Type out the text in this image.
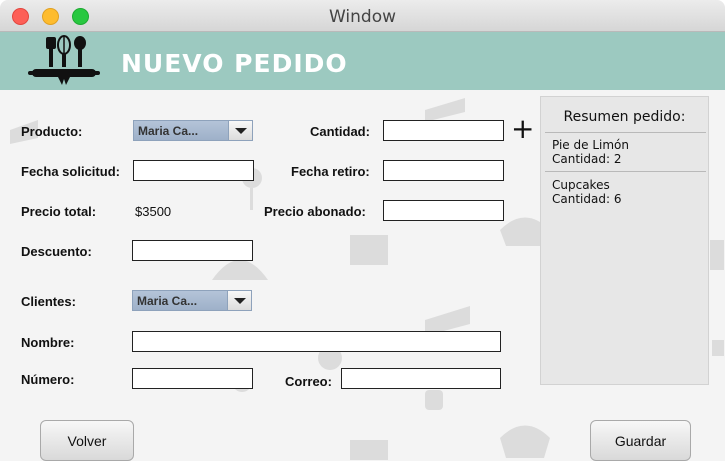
Window
NUEVO PEDIDO
Producto:	Maria Ca...	Cantidad:	+
Fecha solicitud:	Fecha retiro:
Precio total:	$3500	Precio abonado:
Descuento:
Clientes:	Maria Ca...
Nombre:
Número:	Correo:
Resumen pedido:
Pie de Limón
Cantidad: 2
Cupcakes
Cantidad: 6
Volver	Guardar
